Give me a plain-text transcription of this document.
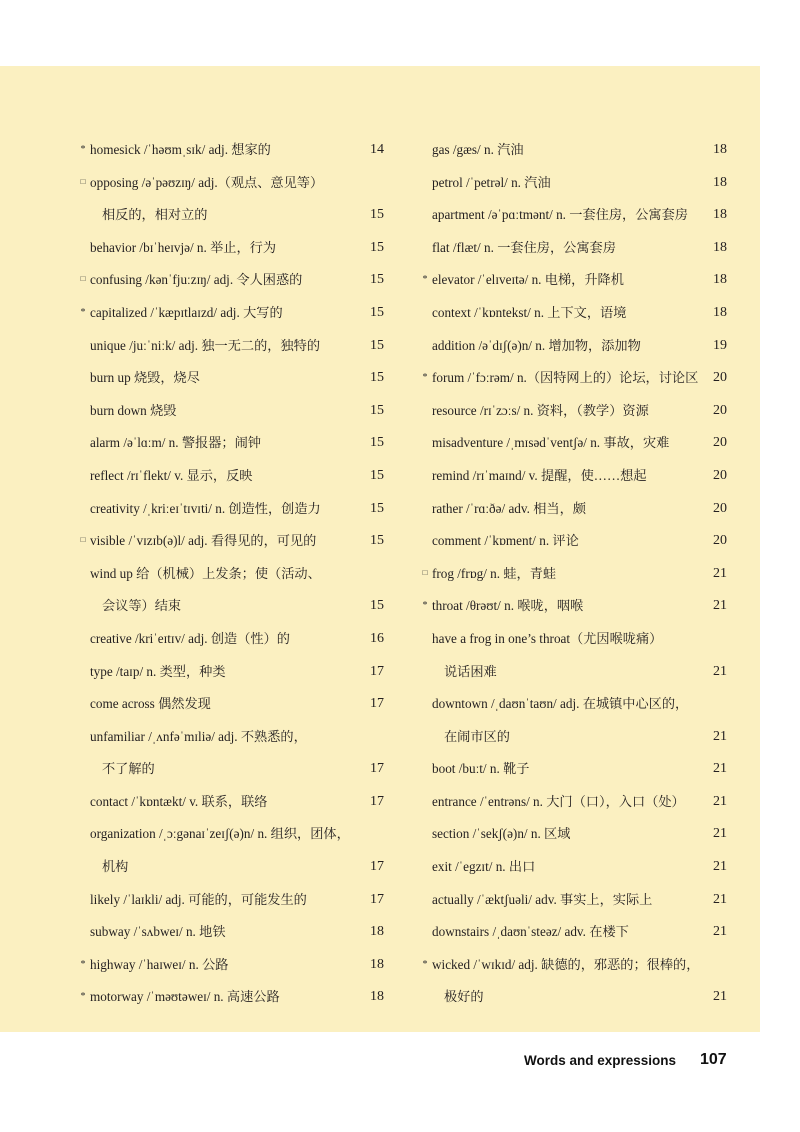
* homesick /ˈhəʊmˌsɪk/ adj. 想家的	14
□ opposing /əˈpəʊzɪŋ/ adj.（观点、意见等）
相反的，相对立的	15
behavior /bɪˈheɪvjə/ n. 举止，行为	15
□ confusing /kənˈfjuːzɪŋ/ adj. 令人困惑的	15
* capitalized /ˈkæpɪtlaɪzd/ adj. 大写的	15
unique /juːˈniːk/ adj. 独一无二的，独特的	15
burn up 烧毁，烧尽	15
burn down 烧毁	15
alarm /əˈlɑːm/ n. 警报器；闹钟	15
reflect /rɪˈflekt/ v. 显示，反映	15
creativity /ˌkriːeɪˈtɪvɪti/ n. 创造性，创造力	15
□ visible /ˈvɪzɪb(ə)l/ adj. 看得见的，可见的	15
wind up 给（机械）上发条；使（活动、
会议等）结束	15
creative /kriˈeɪtɪv/ adj. 创造（性）的	16
type /taɪp/ n. 类型，种类	17
come across 偶然发现	17
unfamiliar /ˌʌnfəˈmɪliə/ adj. 不熟悉的，
不了解的	17
contact /ˈkɒntækt/ v. 联系，联络	17
organization /ˌɔːgənaɪˈzeɪʃ(ə)n/ n. 组织，团体，
机构	17
likely /ˈlaɪkli/ adj. 可能的，可能发生的	17
subway /ˈsʌbweɪ/ n. 地铁	18
* highway /ˈhaɪweɪ/ n. 公路	18
* motorway /ˈməʊtəweɪ/ n. 高速公路	18
gas /gæs/ n. 汽油	18
petrol /ˈpetrəl/ n. 汽油	18
apartment /əˈpɑːtmənt/ n. 一套住房，公寓套房 18
flat /flæt/ n. 一套住房，公寓套房	18
* elevator /ˈelɪveɪtə/ n. 电梯，升降机	18
context /ˈkɒntekst/ n. 上下文，语境	18
addition /əˈdɪʃ(ə)n/ n. 增加物，添加物	19
* forum /ˈfɔːrəm/ n.（因特网上的）论坛，讨论区 20
resource /rɪˈzɔːs/ n. 资料，（教学）资源	20
misadventure /ˌmɪsədˈventʃə/ n. 事故，灾难	20
remind /rɪˈmaɪnd/ v. 提醒，使……想起	20
rather /ˈrɑːðə/ adv. 相当，颇	20
comment /ˈkɒment/ n. 评论	20
□ frog /frɒg/ n. 蛙，青蛙	21
* throat /θrəʊt/ n. 喉咙，咽喉	21
have a frog in one’s throat（尤因喉咙痛）
说话困难	21
downtown /ˌdaʊnˈtaʊn/ adj. 在城镇中心区的，
在闹市区的	21
boot /buːt/ n. 靴子	21
entrance /ˈentrəns/ n. 大门（口），入口（处） 21
section /ˈsekʃ(ə)n/ n. 区域	21
exit /ˈegzɪt/ n. 出口	21
actually /ˈæktʃuəli/ adv. 事实上，实际上	21
downstairs /ˌdaʊnˈsteəz/ adv. 在楼下	21
* wicked /ˈwɪkɪd/ adj. 缺德的，邪恶的；很棒的，
极好的	21
Words and expressions 107
